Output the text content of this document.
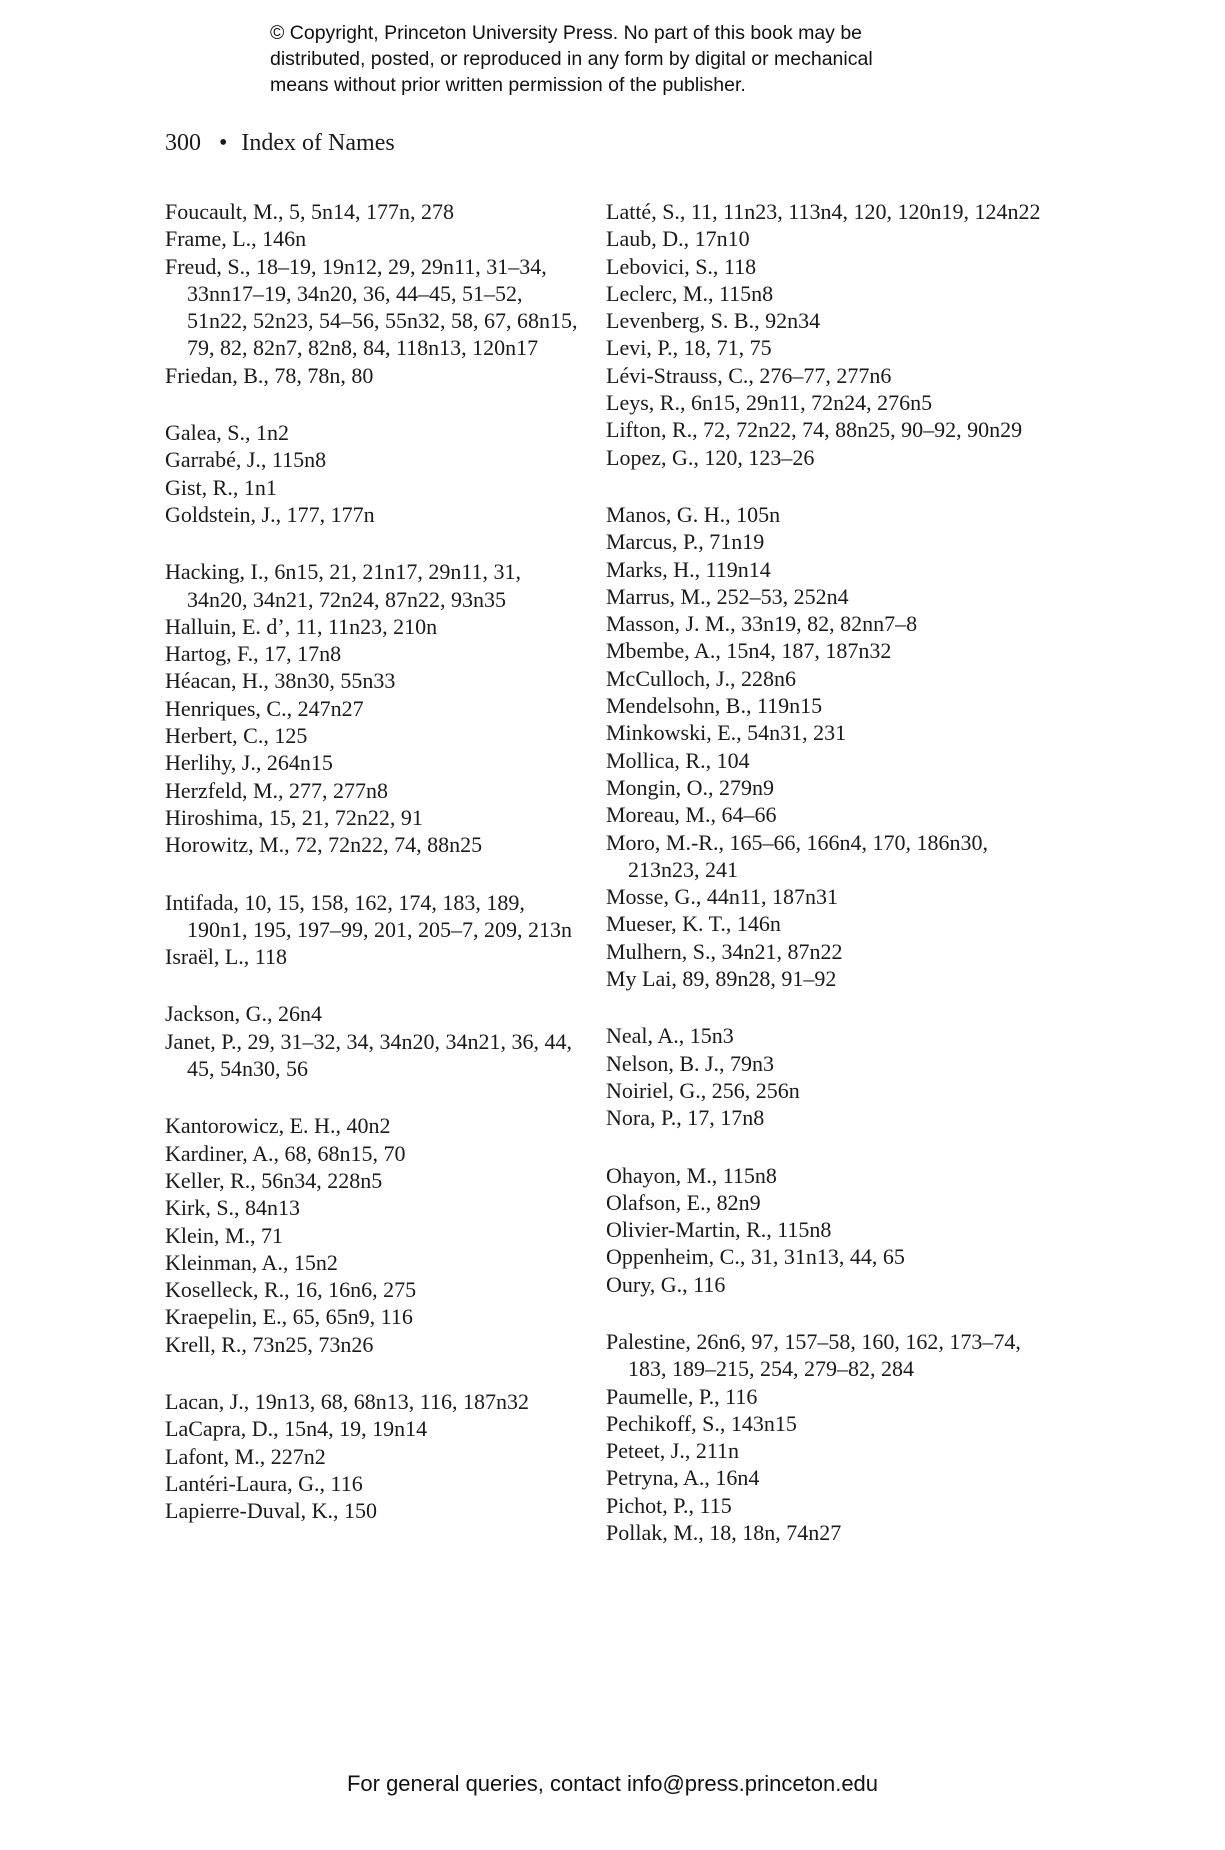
© Copyright, Princeton University Press. No part of this book may be
distributed, posted, or reproduced in any form by digital or mechanical
means without prior written permission of the publisher.
300 • Index of Names
Foucault, M., 5, 5n14, 177n, 278
Frame, L., 146n
Freud, S., 18–19, 19n12, 29, 29n11, 31–34, 33nn17–19, 34n20, 36, 44–45, 51–52, 51n22, 52n23, 54–56, 55n32, 58, 67, 68n15, 79, 82, 82n7, 82n8, 84, 118n13, 120n17
Friedan, B., 78, 78n, 80
Galea, S., 1n2
Garrabé, J., 115n8
Gist, R., 1n1
Goldstein, J., 177, 177n
Hacking, I., 6n15, 21, 21n17, 29n11, 31, 34n20, 34n21, 72n24, 87n22, 93n35
Halluin, E. d’, 11, 11n23, 210n
Hartog, F., 17, 17n8
Héacan, H., 38n30, 55n33
Henriques, C., 247n27
Herbert, C., 125
Herlihy, J., 264n15
Herzfeld, M., 277, 277n8
Hiroshima, 15, 21, 72n22, 91
Horowitz, M., 72, 72n22, 74, 88n25
Intifada, 10, 15, 158, 162, 174, 183, 189, 190n1, 195, 197–99, 201, 205–7, 209, 213n
Israël, L., 118
Jackson, G., 26n4
Janet, P., 29, 31–32, 34, 34n20, 34n21, 36, 44, 45, 54n30, 56
Kantorowicz, E. H., 40n2
Kardiner, A., 68, 68n15, 70
Keller, R., 56n34, 228n5
Kirk, S., 84n13
Klein, M., 71
Kleinman, A., 15n2
Koselleck, R., 16, 16n6, 275
Kraepelin, E., 65, 65n9, 116
Krell, R., 73n25, 73n26
Lacan, J., 19n13, 68, 68n13, 116, 187n32
LaCapra, D., 15n4, 19, 19n14
Lafont, M., 227n2
Lantéri-Laura, G., 116
Lapierre-Duval, K., 150
Latté, S., 11, 11n23, 113n4, 120, 120n19, 124n22
Laub, D., 17n10
Lebovici, S., 118
Leclerc, M., 115n8
Levenberg, S. B., 92n34
Levi, P., 18, 71, 75
Lévi-Strauss, C., 276–77, 277n6
Leys, R., 6n15, 29n11, 72n24, 276n5
Lifton, R., 72, 72n22, 74, 88n25, 90–92, 90n29
Lopez, G., 120, 123–26
Manos, G. H., 105n
Marcus, P., 71n19
Marks, H., 119n14
Marrus, M., 252–53, 252n4
Masson, J. M., 33n19, 82, 82nn7–8
Mbembe, A., 15n4, 187, 187n32
McCulloch, J., 228n6
Mendelsohn, B., 119n15
Minkowski, E., 54n31, 231
Mollica, R., 104
Mongin, O., 279n9
Moreau, M., 64–66
Moro, M.-R., 165–66, 166n4, 170, 186n30, 213n23, 241
Mosse, G., 44n11, 187n31
Mueser, K. T., 146n
Mulhern, S., 34n21, 87n22
My Lai, 89, 89n28, 91–92
Neal, A., 15n3
Nelson, B. J., 79n3
Noiriel, G., 256, 256n
Nora, P., 17, 17n8
Ohayon, M., 115n8
Olafson, E., 82n9
Olivier-Martin, R., 115n8
Oppenheim, C., 31, 31n13, 44, 65
Oury, G., 116
Palestine, 26n6, 97, 157–58, 160, 162, 173–74, 183, 189–215, 254, 279–82, 284
Paumelle, P., 116
Pechikoff, S., 143n15
Peteet, J., 211n
Petryna, A., 16n4
Pichot, P., 115
Pollak, M., 18, 18n, 74n27
For general queries, contact info@press.princeton.edu
